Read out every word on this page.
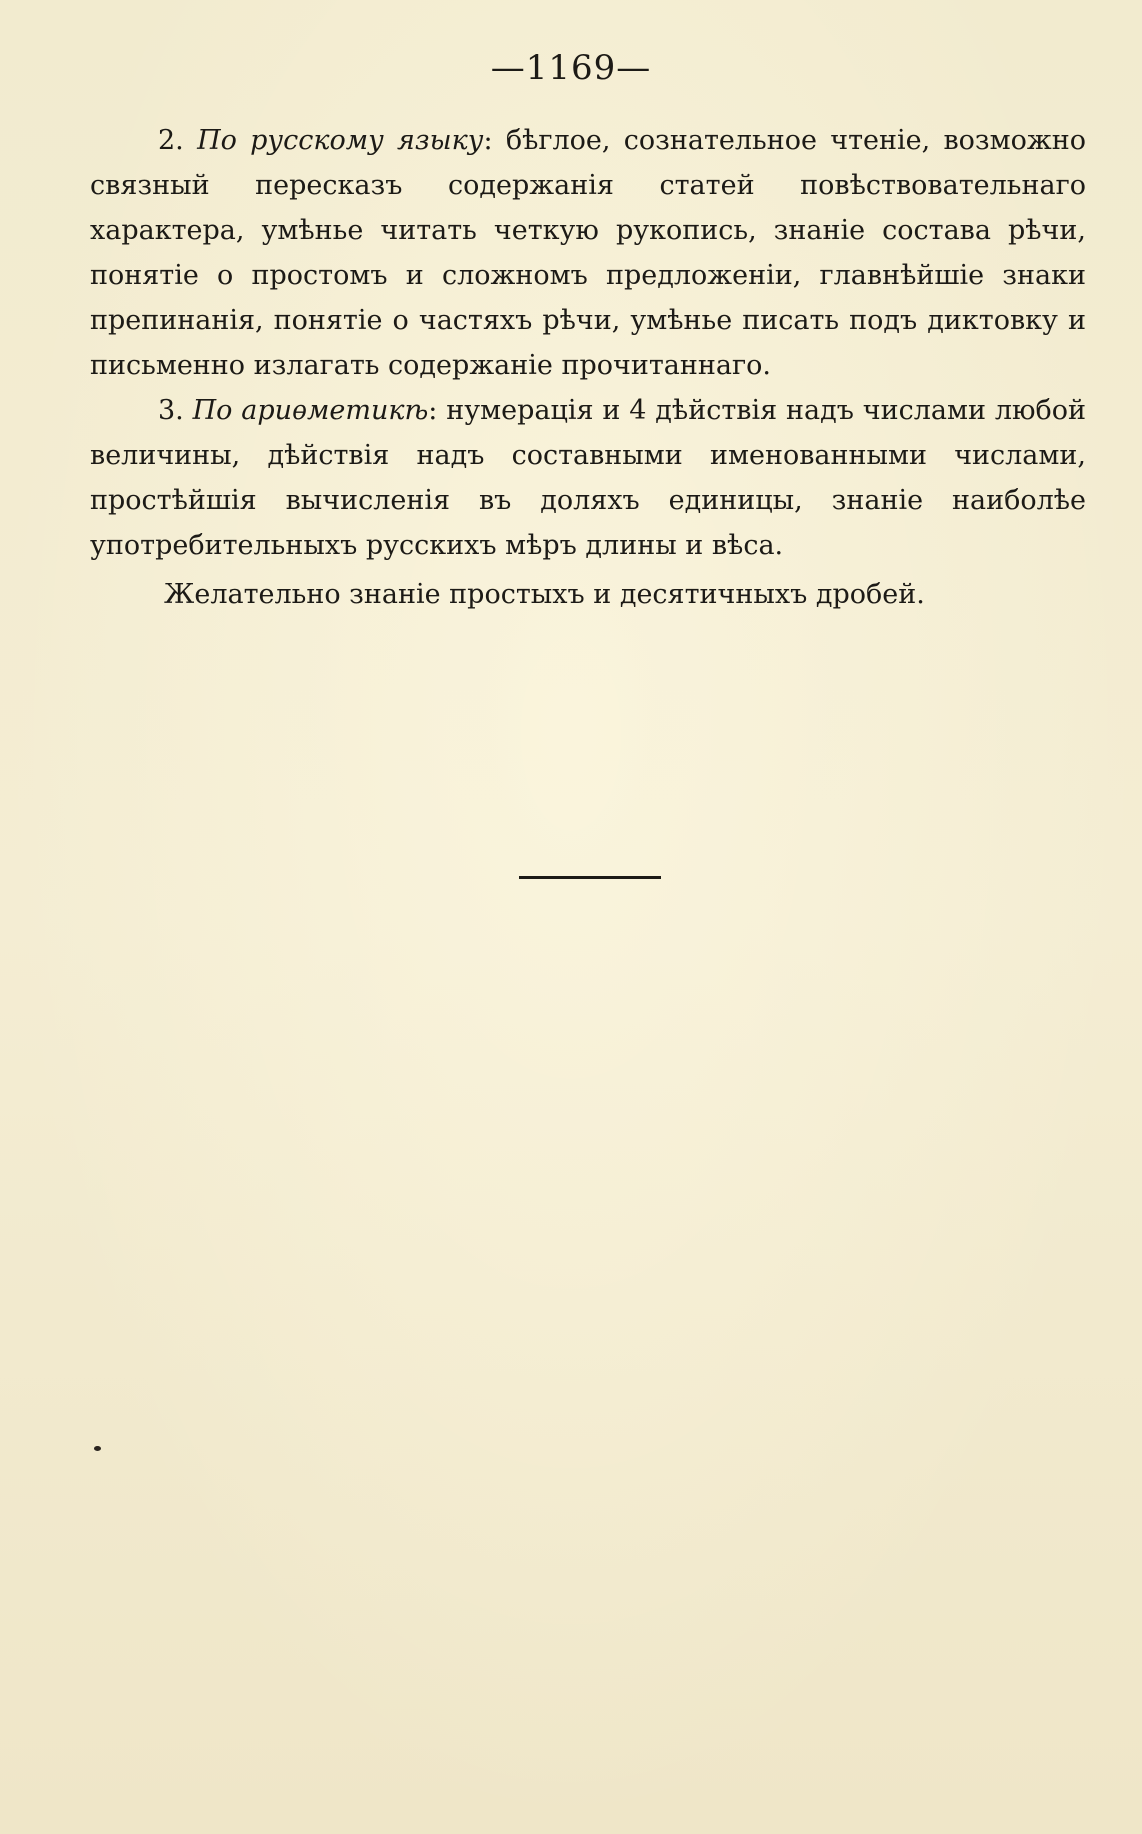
—1169—

2. По русскому языку: бѣглое, сознательное чтеніе, возможно связный пересказъ содержанія статей повѣствовательнаго характера, умѣнье читать четкую рукопись, знаніе состава рѣчи, понятіе о простомъ и сложномъ предложеніи, главнѣйшіе знаки препинанія, понятіе о частяхъ рѣчи, умѣнье писать подъ диктовку и письменно излагать содержаніе прочитаннаго.

3. По ариѳметикѣ: нумерація и 4 дѣйствія надъ числами любой величины, дѣйствія надъ составными именованными числами, простѣйшія вычисленія въ доляхъ единицы, знаніе наиболѣе употребительныхъ русскихъ мѣръ длины и вѣса.

Желательно знаніе простыхъ и десятичныхъ дробей.
